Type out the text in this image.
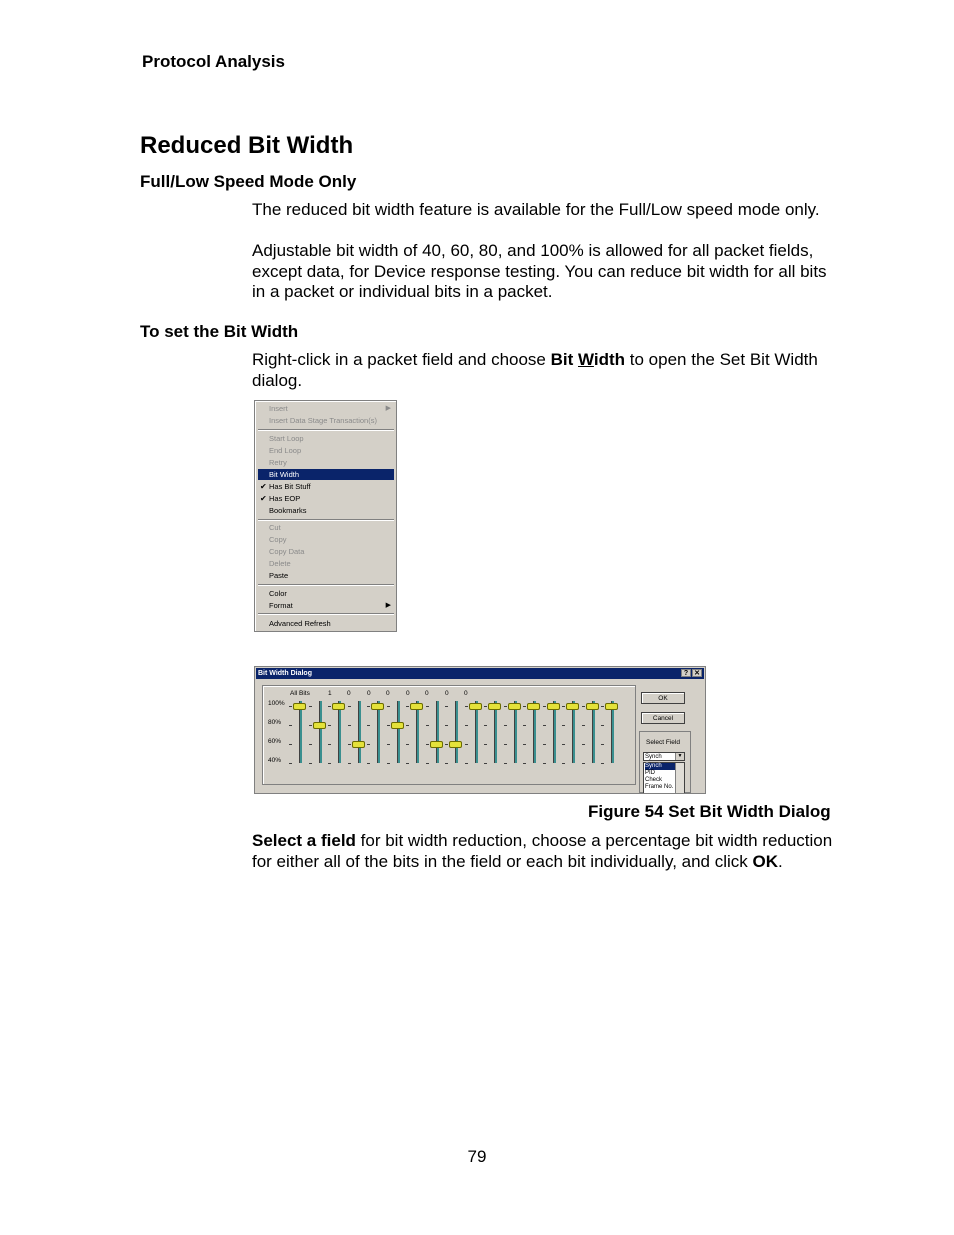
Protocol Analysis
Reduced Bit Width
Full/Low Speed Mode Only
The reduced bit width feature is available for the Full/Low speed mode only.
Adjustable bit width of 40, 60, 80, and 100% is allowed for all packet fields, except data, for Device response testing. You can reduce bit width for all bits in a packet or individual bits in a packet.
To set the Bit Width
Right-click in a packet field and choose Bit Width to open the Set Bit Width dialog.
Insert	▶
Insert Data Stage Transaction(s)
Start Loop
End Loop
Retry
Bit Width
✔ Has Bit Stuff
✔ Has EOP
Bookmarks
Cut
Copy
Copy Data
Delete
Paste
Color
Format	▶
Advanced Refresh
Bit Width Dialog	? ✕
100%
80%
60%
40%
All Bits	1 0	0 0	0 0	0 0
OK
Cancel
Select Field
Synch	▼
Synch
PID
Check
Frame No.
Figure 54 Set Bit Width Dialog
Select a field for bit width reduction, choose a percentage bit width reduction for either all of the bits in the field or each bit individually, and click OK.
79
